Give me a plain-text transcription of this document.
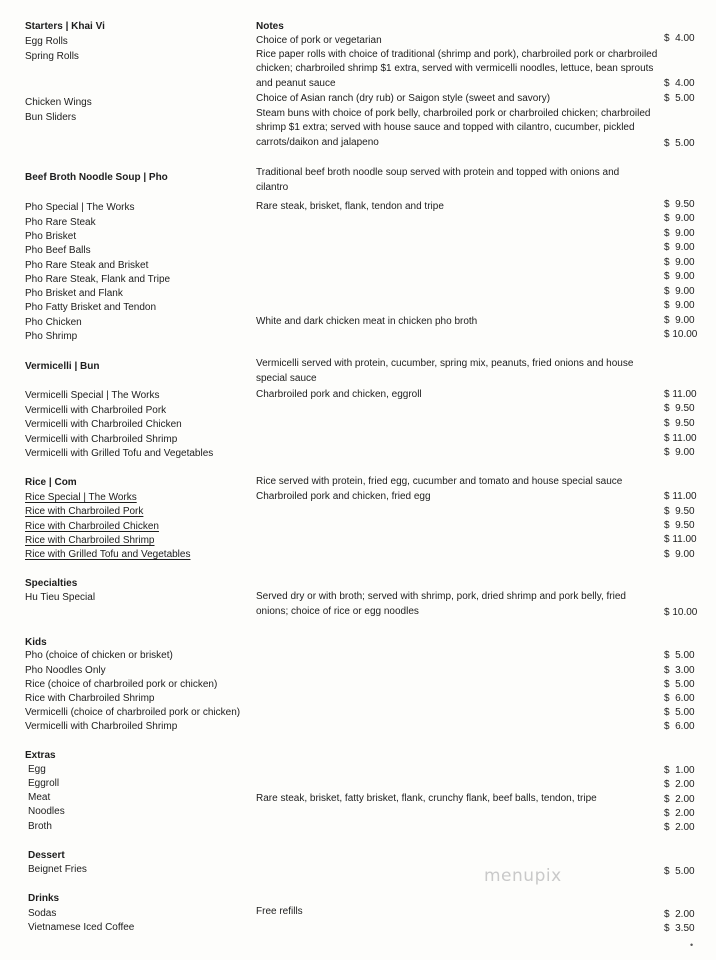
Starters | Khai Vi	Notes
Egg Rolls	Choice of pork or vegetarian	$  4.00
Spring Rolls	Rice paper rolls with choice of traditional (shrimp and pork), charbroiled pork or charbroiled
chicken; charbroiled shrimp $1 extra, served with vermicelli noodles, lettuce, bean sprouts
and peanut sauce	$  4.00
Chicken Wings	Choice of Asian ranch (dry rub) or Saigon style (sweet and savory)	$  5.00
Bun Sliders	Steam buns with choice of pork belly, charbroiled pork or charbroiled chicken; charbroiled
shrimp $1 extra; served with house sauce and topped with cilantro, cucumber, pickled
carrots/daikon and jalapeno	$  5.00
Beef Broth Noodle Soup | Pho	Traditional beef broth noodle soup served with protein and topped with onions and
cilantro
Pho Special | The Works	Rare steak, brisket, flank, tendon and tripe	$  9.50
Pho Rare Steak	$  9.00
Pho Brisket	$  9.00
Pho Beef Balls	$  9.00
Pho Rare Steak and Brisket	$  9.00
Pho Rare Steak, Flank and Tripe	$  9.00
Pho Brisket and Flank	$  9.00
Pho Fatty Brisket and Tendon	$  9.00
Pho Chicken	White and dark chicken meat in chicken pho broth	$  9.00
Pho Shrimp	$ 10.00
Vermicelli | Bun	Vermicelli served with protein, cucumber, spring mix, peanuts, fried onions and house
special sauce
Vermicelli Special | The Works	Charbroiled pork and chicken, eggroll	$ 11.00
Vermicelli with Charbroiled Pork	$  9.50
Vermicelli with Charbroiled Chicken	$  9.50
Vermicelli with Charbroiled Shrimp	$ 11.00
Vermicelli with Grilled Tofu and Vegetables	$  9.00
Rice | Com	Rice served with protein, fried egg, cucumber and tomato and house special sauce
Rice Special | The Works	Charbroiled pork and chicken, fried egg	$ 11.00
Rice with Charbroiled Pork	$  9.50
Rice with Charbroiled Chicken	$  9.50
Rice with Charbroiled Shrimp	$ 11.00
Rice with Grilled Tofu and Vegetables	$  9.00
Specialties
Hu Tieu Special	Served dry or with broth; served with shrimp, pork, dried shrimp and pork belly, fried
onions; choice of rice or egg noodles	$ 10.00
Kids
Pho (choice of chicken or brisket)	$  5.00
Pho Noodles Only	$  3.00
Rice (choice of charbroiled pork or chicken)	$  5.00
Rice with Charbroiled Shrimp	$  6.00
Vermicelli (choice of charbroiled pork or chicken)	$  5.00
Vermicelli with Charbroiled Shrimp	$  6.00
Extras
Egg	$  1.00
Eggroll	$  2.00
Meat	Rare steak, brisket, fatty brisket, flank, crunchy flank, beef balls, tendon, tripe	$  2.00
Noodles	$  2.00
Broth	$  2.00
Dessert
Beignet Fries	$  5.00
Drinks
Sodas	Free refills	$  2.00
Vietnamese Iced Coffee	$  3.50
menupix
•
